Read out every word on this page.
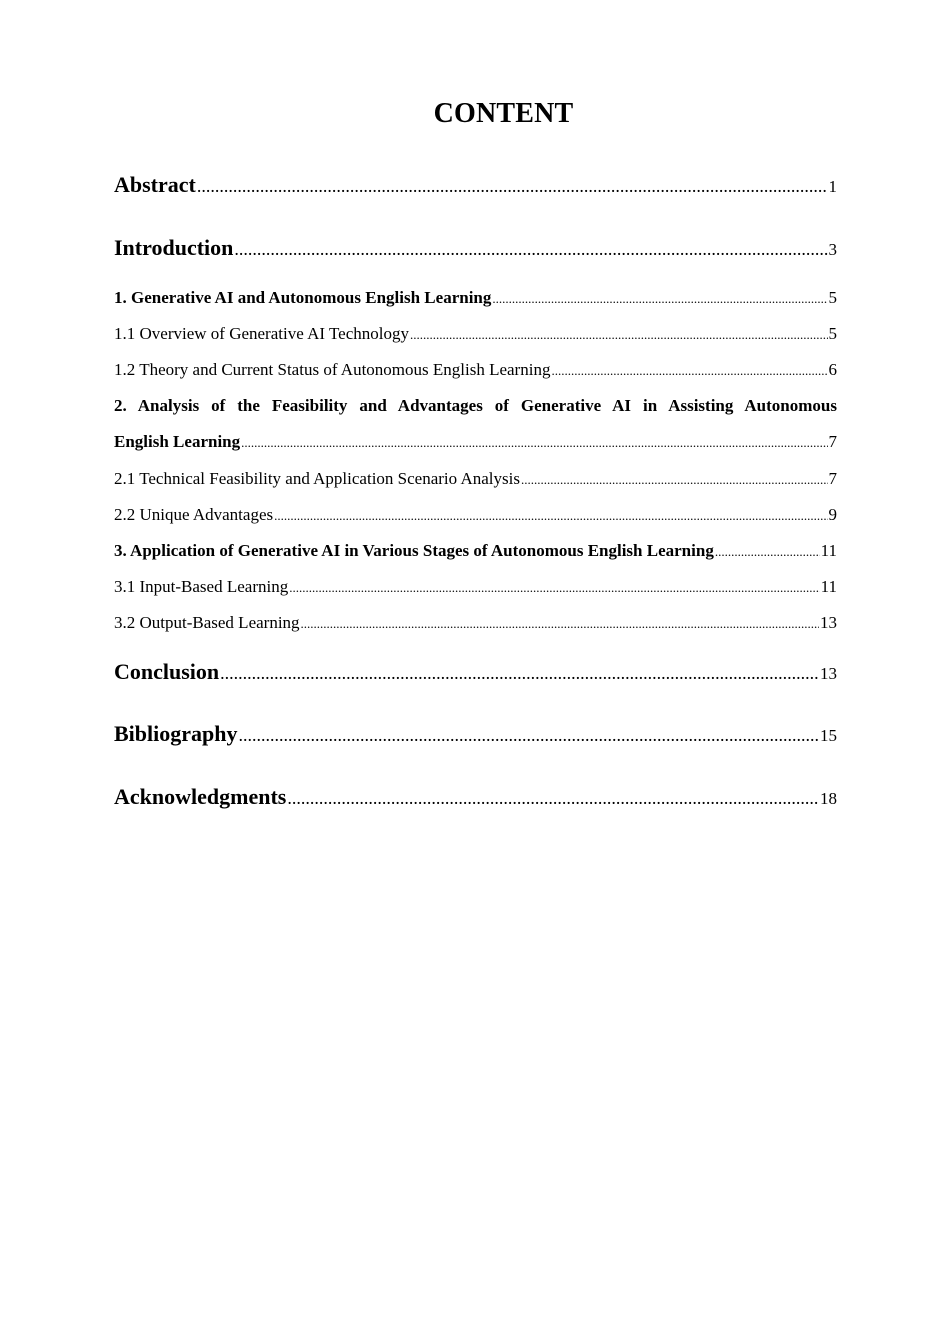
CONTENT
Abstract .....	1
Introduction .....	3
1. Generative AI and Autonomous English Learning .....	5
1.1 Overview of Generative AI Technology .....	5
1.2 Theory and Current Status of Autonomous English Learning .....	6
2. Analysis of the Feasibility and Advantages of Generative AI in Assisting Autonomous
English Learning .....	7
2.1 Technical Feasibility and Application Scenario Analysis .....	7
2.2 Unique Advantages .....	9
3. Application of Generative AI in Various Stages of Autonomous English Learning .....	11
3.1 Input-Based Learning .....	11
3.2 Output-Based Learning .....	13
Conclusion .....	13
Bibliography .....	15
Acknowledgments .....	18
